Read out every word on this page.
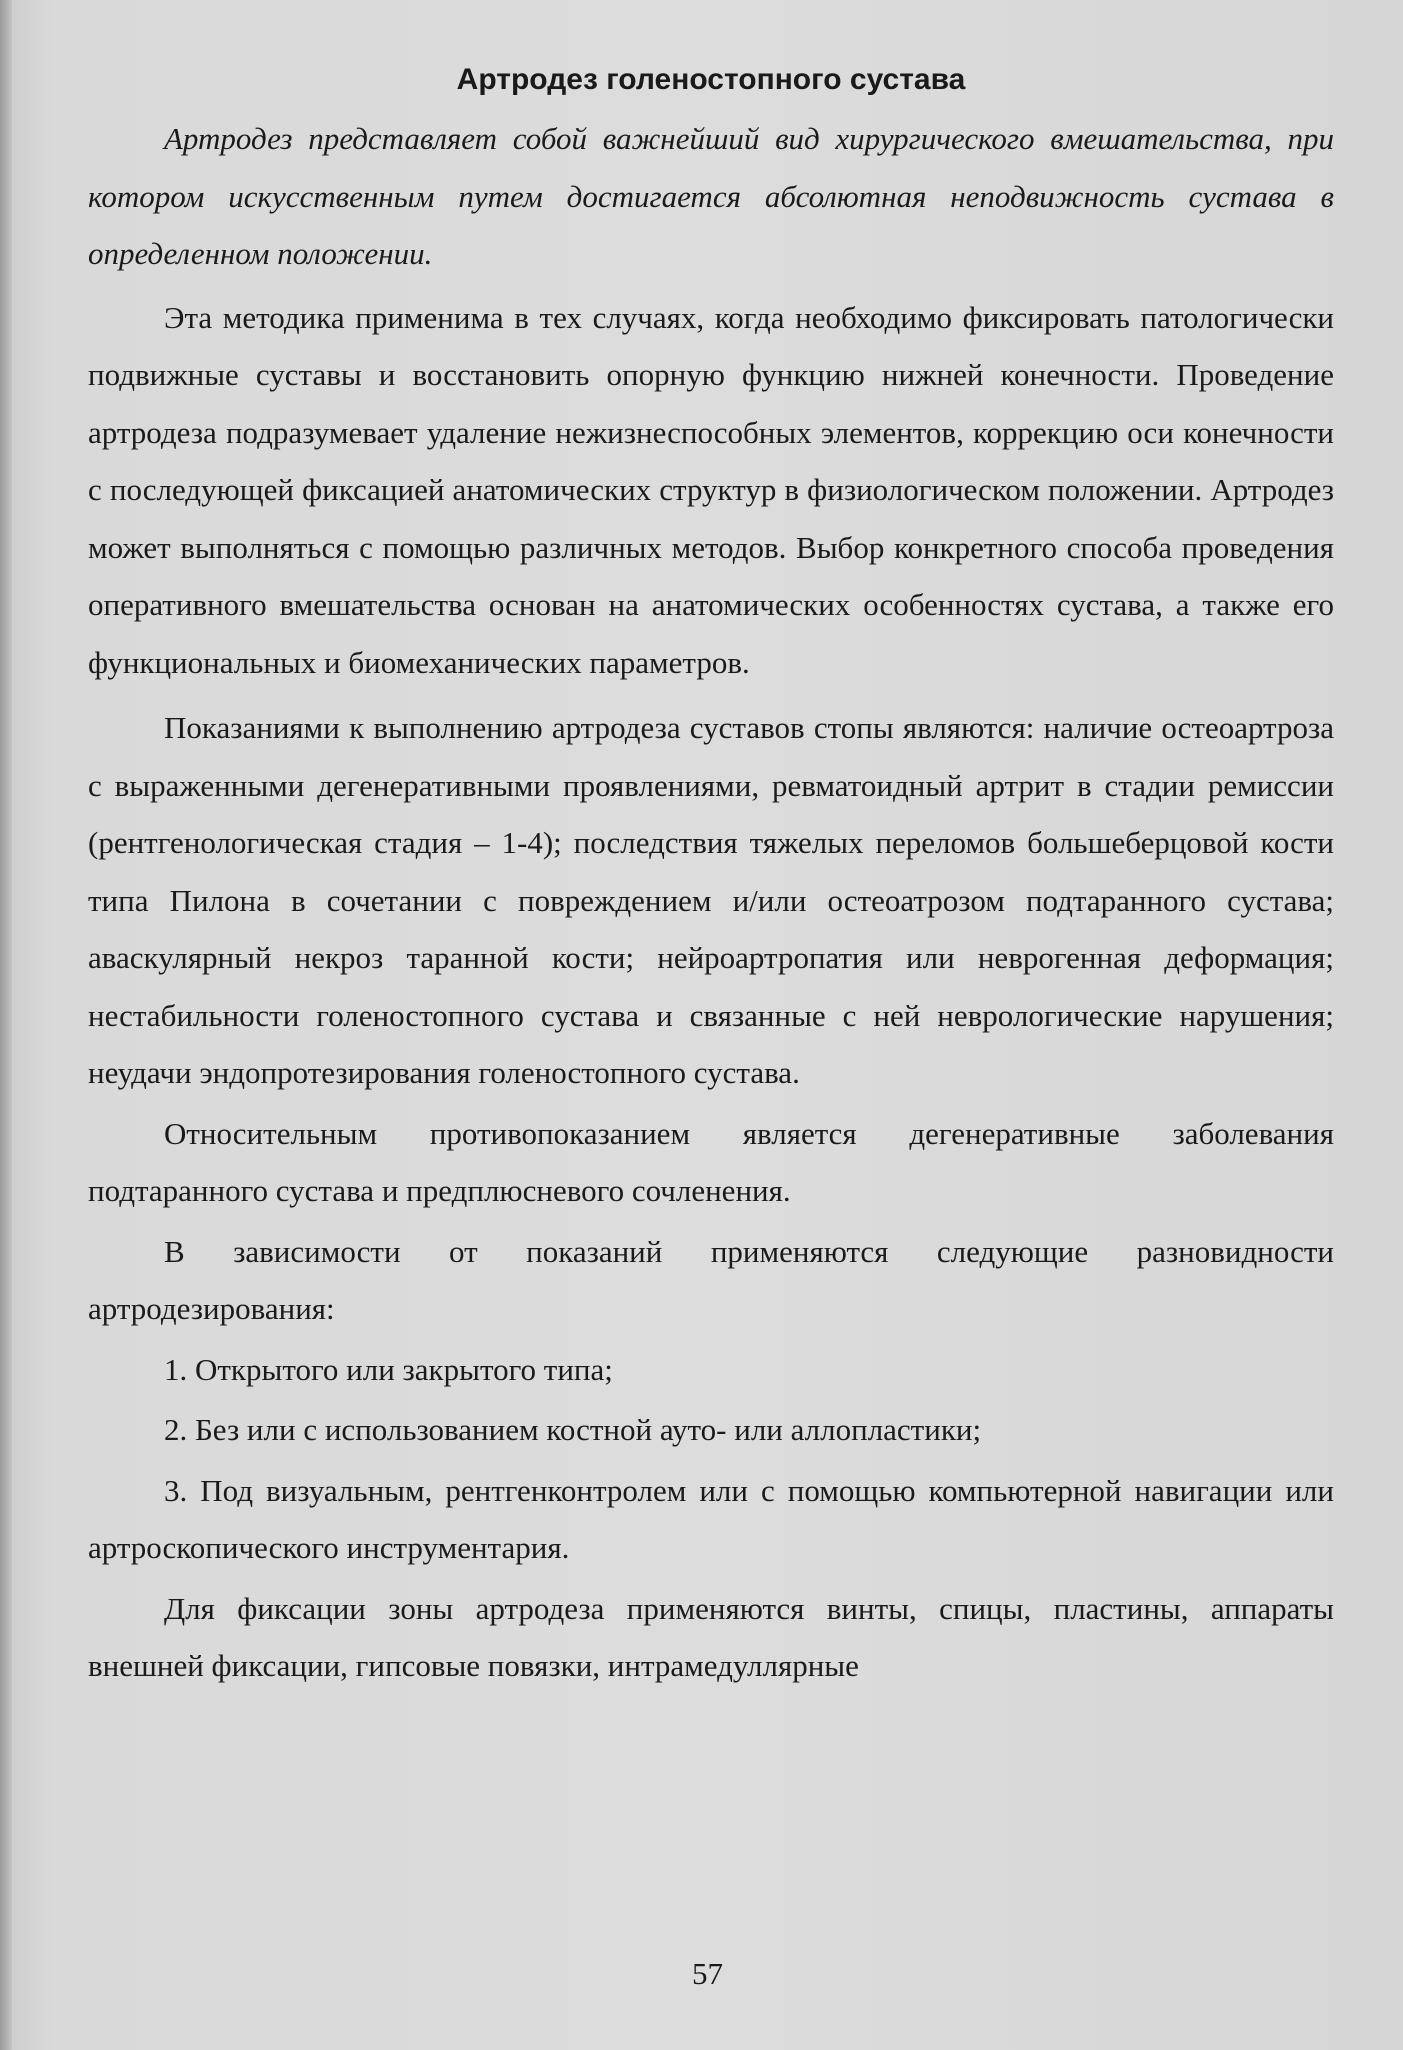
Артродез голеностопного сустава

Артродез представляет собой важнейший вид хирургического вмешательства, при котором искусственным путем достигается абсолютная неподвижность сустава в определенном положении.

Эта методика применима в тех случаях, когда необходимо фиксировать патологически подвижные суставы и восстановить опорную функцию нижней конечности. Проведение артродеза подразумевает удаление нежизнеспособных элементов, коррекцию оси конечности с последующей фиксацией анатомических структур в физиологическом положении. Артродез может выполняться с помощью различных методов. Выбор конкретного способа проведения оперативного вмешательства основан на анатомических особенностях сустава, а также его функциональных и биомеханических параметров.

Показаниями к выполнению артродеза суставов стопы являются: наличие остеоартроза с выраженными дегенеративными проявлениями, ревматоидный артрит в стадии ремиссии (рентгенологическая стадия – 1-4); последствия тяжелых переломов большеберцовой кости типа Пилона в сочетании с повреждением и/или остеоатрозом подтаранного сустава; аваскулярный некроз таранной кости; нейроартропатия или неврогенная деформация; нестабильности голеностопного сустава и связанные с ней неврологические нарушения; неудачи эндопротезирования голеностопного сустава.

Относительным противопоказанием является дегенеративные заболевания подтаранного сустава и предплюсневого сочленения.

В зависимости от показаний применяются следующие разновидности артродезирования:

1. Открытого или закрытого типа;

2. Без или с использованием костной ауто- или аллопластики;

3. Под визуальным, рентгенконтролем или с помощью компьютерной навигации или артроскопического инструментария.

Для фиксации зоны артродеза применяются винты, спицы, пластины, аппараты внешней фиксации, гипсовые повязки, интрамедуллярные

57
